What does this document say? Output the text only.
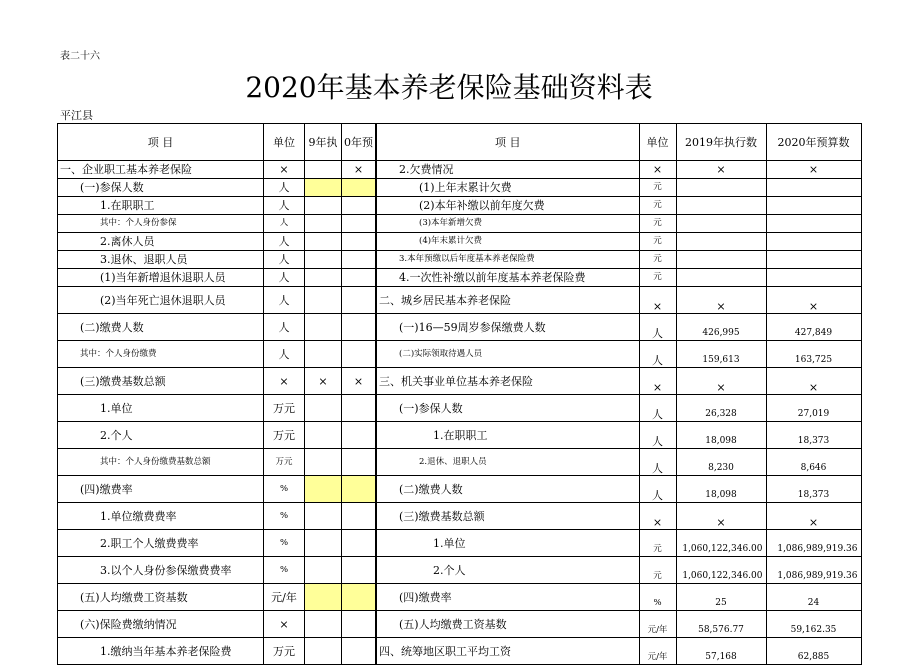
表二十六
2020年基本养老保险基础资料表
平江县
项 目	单位	9年执	0年预	项 目	单位	2019年执行数	2020年预算数
一、企业职工基本养老保险	×		×	2.欠费情况	×	×	×
(一)参保人数	人			(1)上年末累计欠费	元		
1.在职职工	人			(2)本年补缴以前年度欠费	元		
其中：个人身份参保	人			(3)本年新增欠费	元		
2.离休人员	人			(4)年末累计欠费	元		
3.退休、退职人员	人			3.本年预缴以后年度基本养老保险费	元		
(1)当年新增退休退职人员	人			4.一次性补缴以前年度基本养老保险费	元		
(2)当年死亡退休退职人员	人			二、城乡居民基本养老保险	×	×	×
(二)缴费人数	人			(一)16—59周岁参保缴费人数	人	426,995	427,849
其中：个人身份缴费	人			(二)实际领取待遇人员	人	159,613	163,725
(三)缴费基数总额	×	×	×	三、机关事业单位基本养老保险	×	×	×
1.单位	万元			(一)参保人数	人	26,328	27,019
2.个人	万元			1.在职职工	人	18,098	18,373
其中：个人身份缴费基数总额	万元			2.退休、退职人员	人	8,230	8,646
(四)缴费率	%			(二)缴费人数	人	18,098	18,373
1.单位缴费费率	%			(三)缴费基数总额	×	×	×
2.职工个人缴费费率	%			1.单位	元	1,060,122,346.00	1,086,989,919.36
3.以个人身份参保缴费费率	%			2.个人	元	1,060,122,346.00	1,086,989,919.36
(五)人均缴费工资基数	元/年			(四)缴费率	%	25	24
(六)保险费缴纳情况	×			(五)人均缴费工资基数	元/年	58,576.77	59,162.35
1.缴纳当年基本养老保险费	万元			四、统筹地区职工平均工资	元/年	57,168	62,885
